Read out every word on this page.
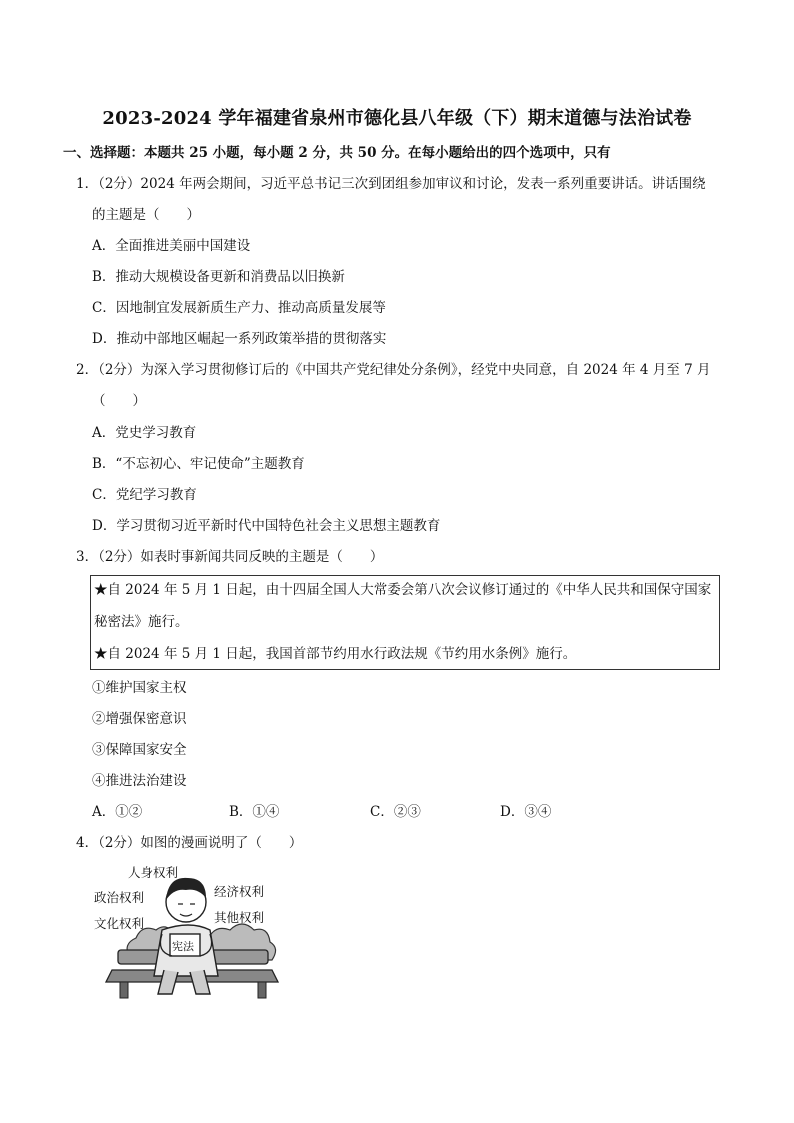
2023-2024 学年福建省泉州市德化县八年级（下）期末道德与法治试卷
一、选择题：本题共 25 小题，每小题 2 分，共 50 分。在每小题给出的四个选项中，只有
1．（2分）2024 年两会期间，习近平总书记三次到团组参加审议和讨论，发表一系列重要讲话。讲话围绕
的主题是（　　）
A．全面推进美丽中国建设
B．推动大规模设备更新和消费品以旧换新
C．因地制宜发展新质生产力、推动高质量发展等
D．推动中部地区崛起一系列政策举措的贯彻落实
2．（2分）为深入学习贯彻修订后的《中国共产党纪律处分条例》，经党中央同意，自 2024 年 4 月至 7 月
（　　）
A．党史学习教育
B．“不忘初心、牢记使命”主题教育
C．党纪学习教育
D．学习贯彻习近平新时代中国特色社会主义思想主题教育
3．（2分）如表时事新闻共同反映的主题是（　　）
★自 2024 年 5 月 1 日起，由十四届全国人大常委会第八次会议修订通过的《中华人民共和国保守国家
秘密法》施行。
★自 2024 年 5 月 1 日起，我国首部节约用水行政法规《节约用水条例》施行。
①维护国家主权
②增强保密意识
③保障国家安全
④推进法治建设
A．①②	B．①④	C．②③	D．③④
4．（2分）如图的漫画说明了（　　）
人身权利
政治权利	经济权利
文化权利	其他权利
宪法
